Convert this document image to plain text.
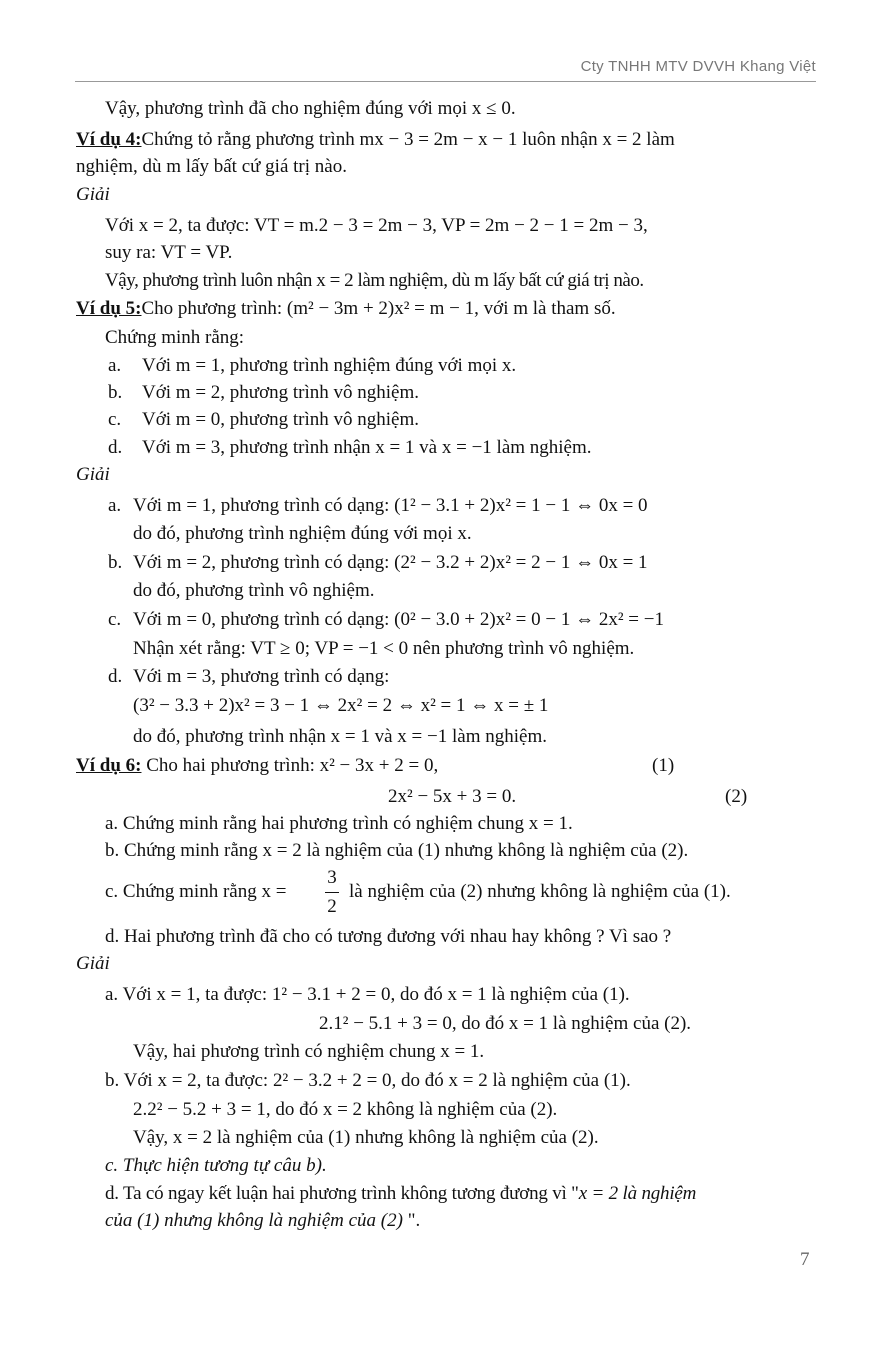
Cty TNHH MTV DVVH Khang Việt
Vậy, phương trình đã cho nghiệm đúng với mọi x ≤ 0.
Ví dụ 4:Chứng tỏ rằng phương trình mx − 3 = 2m − x − 1 luôn nhận x = 2 làm
nghiệm, dù m lấy bất cứ giá trị nào.
Giải
Với x = 2, ta được: VT = m.2 − 3 = 2m − 3, VP = 2m − 2 − 1 = 2m − 3,
suy ra: VT = VP.
Vậy, phương trình luôn nhận x = 2 làm nghiệm, dù m lấy bất cứ giá trị nào.
Ví dụ 5:Cho phương trình: (m² − 3m + 2)x² = m − 1, với m là tham số.
Chứng minh rằng:
a. Với m = 1, phương trình nghiệm đúng với mọi x.
b. Với m = 2, phương trình vô nghiệm.
c. Với m = 0, phương trình vô nghiệm.
d. Với m = 3, phương trình nhận x = 1 và x = −1 làm nghiệm.
Giải
a. Với m = 1, phương trình có dạng: (1² − 3.1 + 2)x² = 1 − 1 ⇔ 0x = 0
do đó, phương trình nghiệm đúng với mọi x.
b. Với m = 2, phương trình có dạng: (2² − 3.2 + 2)x² = 2 − 1 ⇔ 0x = 1
do đó, phương trình vô nghiệm.
c. Với m = 0, phương trình có dạng: (0² − 3.0 + 2)x² = 0 − 1 ⇔ 2x² = −1
Nhận xét rằng: VT ≥ 0; VP = −1 < 0 nên phương trình vô nghiệm.
d. Với m = 3, phương trình có dạng:
(3² − 3.3 + 2)x² = 3 − 1 ⇔ 2x² = 2 ⇔ x² = 1 ⇔ x = ± 1
do đó, phương trình nhận x = 1 và x = −1 làm nghiệm.
Ví dụ 6: Cho hai phương trình: x² − 3x + 2 = 0,	(1)
2x² − 5x + 3 = 0.	(2)
a. Chứng minh rằng hai phương trình có nghiệm chung x = 1.
b. Chứng minh rằng x = 2 là nghiệm của (1) nhưng không là nghiệm của (2).
c. Chứng minh rằng x =
3
2
là nghiệm của (2) nhưng không là nghiệm của (1).
d. Hai phương trình đã cho có tương đương với nhau hay không ? Vì sao ?
Giải
a. Với x = 1, ta được: 1² − 3.1 + 2 = 0, do đó x = 1 là nghiệm của (1).
2.1² − 5.1 + 3 = 0, do đó x = 1 là nghiệm của (2).
Vậy, hai phương trình có nghiệm chung x = 1.
b. Với x = 2, ta được: 2² − 3.2 + 2 = 0, do đó x = 2 là nghiệm của (1).
2.2² − 5.2 + 3 = 1, do đó x = 2 không là nghiệm của (2).
Vậy, x = 2 là nghiệm của (1) nhưng không là nghiệm của (2).
c. Thực hiện tương tự câu b).
d. Ta có ngay kết luận hai phương trình không tương đương vì "x = 2 là nghiệm
của (1) nhưng không là nghiệm của (2) ".
7
